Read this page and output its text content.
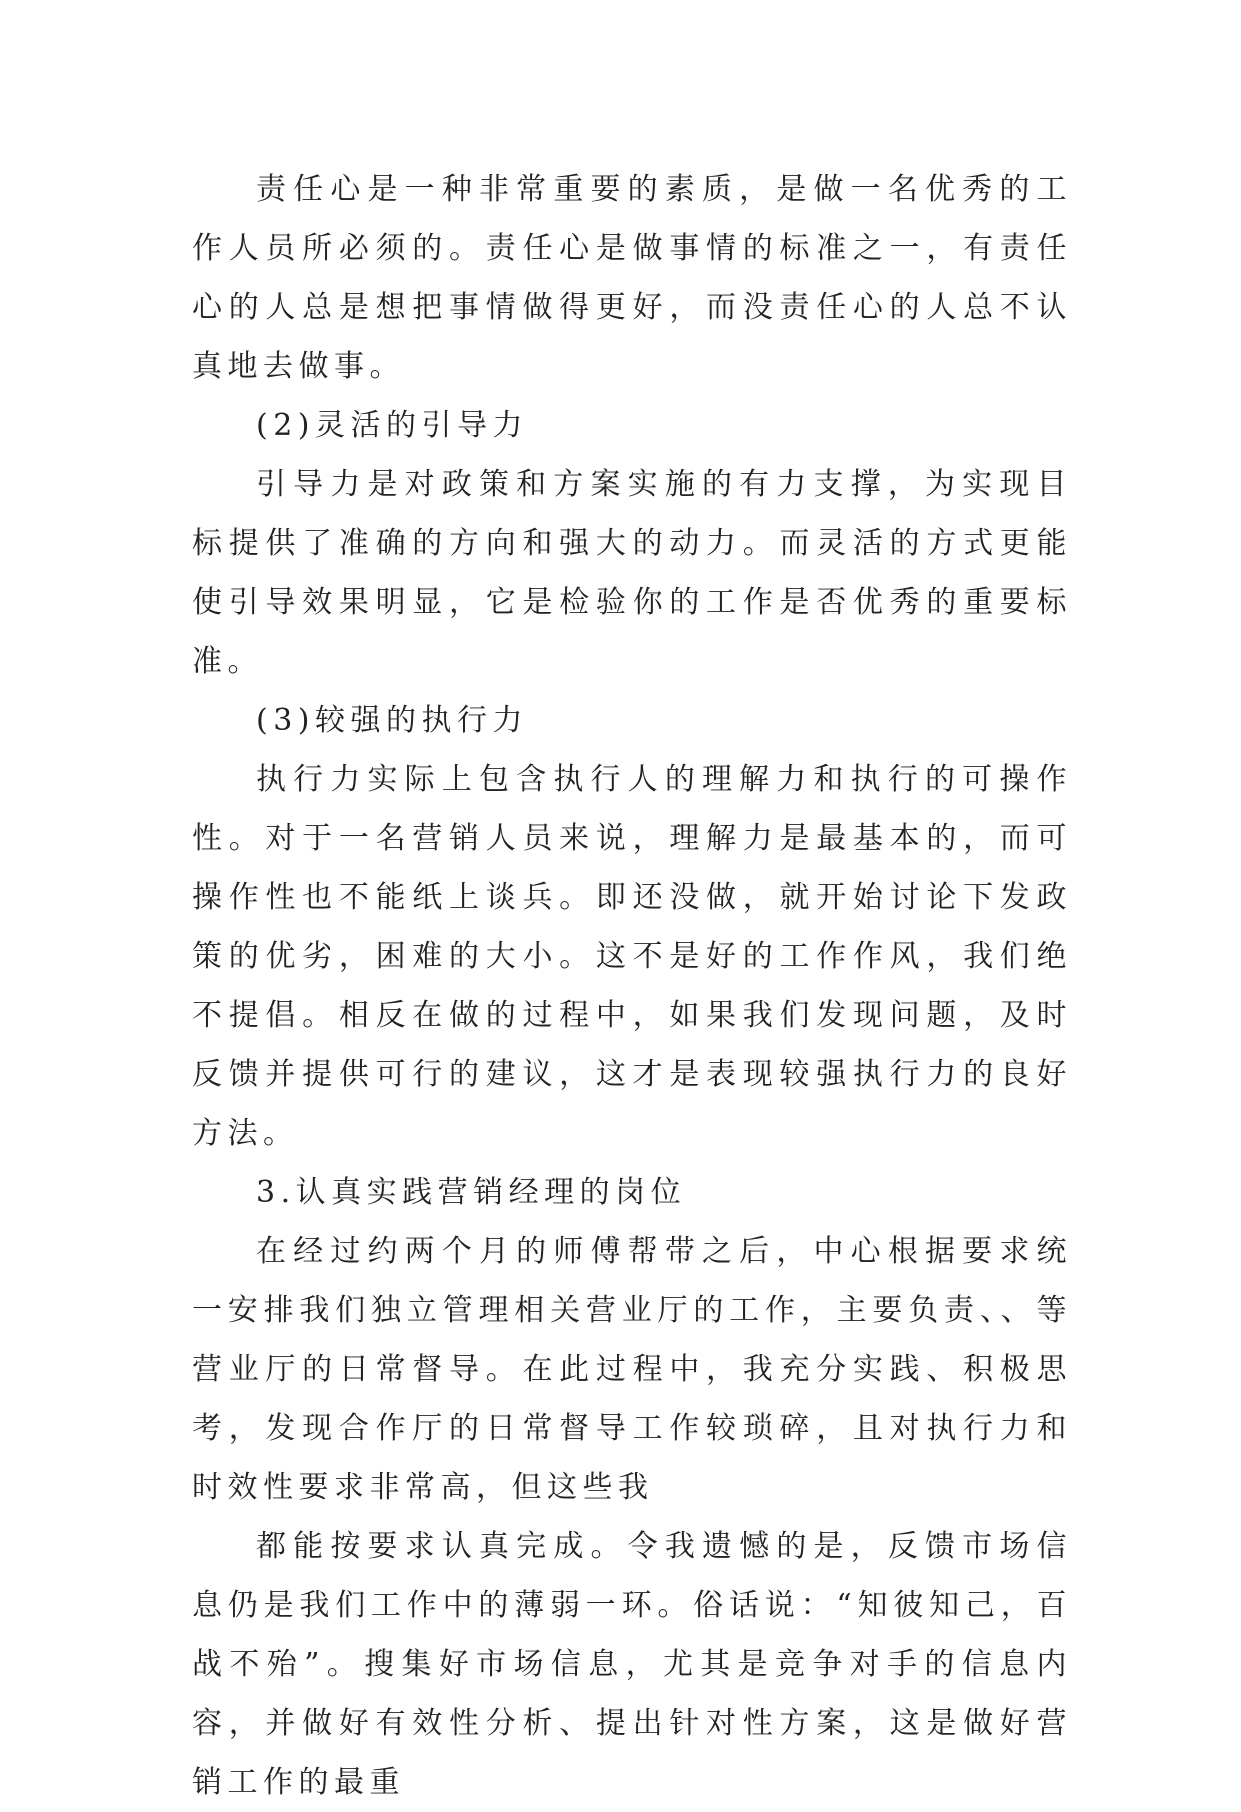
责任心是一种非常重要的素质，是做一名优秀的工作人员所必须的。责任心是做事情的标准之一，有责任心的人总是想把事情做得更好，而没责任心的人总不认真地去做事。

(2)灵活的引导力

引导力是对政策和方案实施的有力支撑，为实现目标提供了准确的方向和强大的动力。而灵活的方式更能使引导效果明显，它是检验你的工作是否优秀的重要标准。

(3)较强的执行力

执行力实际上包含执行人的理解力和执行的可操作性。对于一名营销人员来说，理解力是最基本的，而可操作性也不能纸上谈兵。即还没做，就开始讨论下发政策的优劣，困难的大小。这不是好的工作作风，我们绝不提倡。相反在做的过程中，如果我们发现问题，及时反馈并提供可行的建议，这才是表现较强执行力的良好方法。

3.认真实践营销经理的岗位

在经过约两个月的师傅帮带之后，中心根据要求统一安排我们独立管理相关营业厅的工作，主要负责、、等营业厅的日常督导。在此过程中，我充分实践、积极思考，发现合作厅的日常督导工作较琐碎，且对执行力和时效性要求非常高，但这些我

都能按要求认真完成。令我遗憾的是，反馈市场信息仍是我们工作中的薄弱一环。俗话说：“知彼知己，百战不殆”。搜集好市场信息，尤其是竞争对手的信息内容，并做好有效性分析、提出针对性方案，这是做好营销工作的最重
